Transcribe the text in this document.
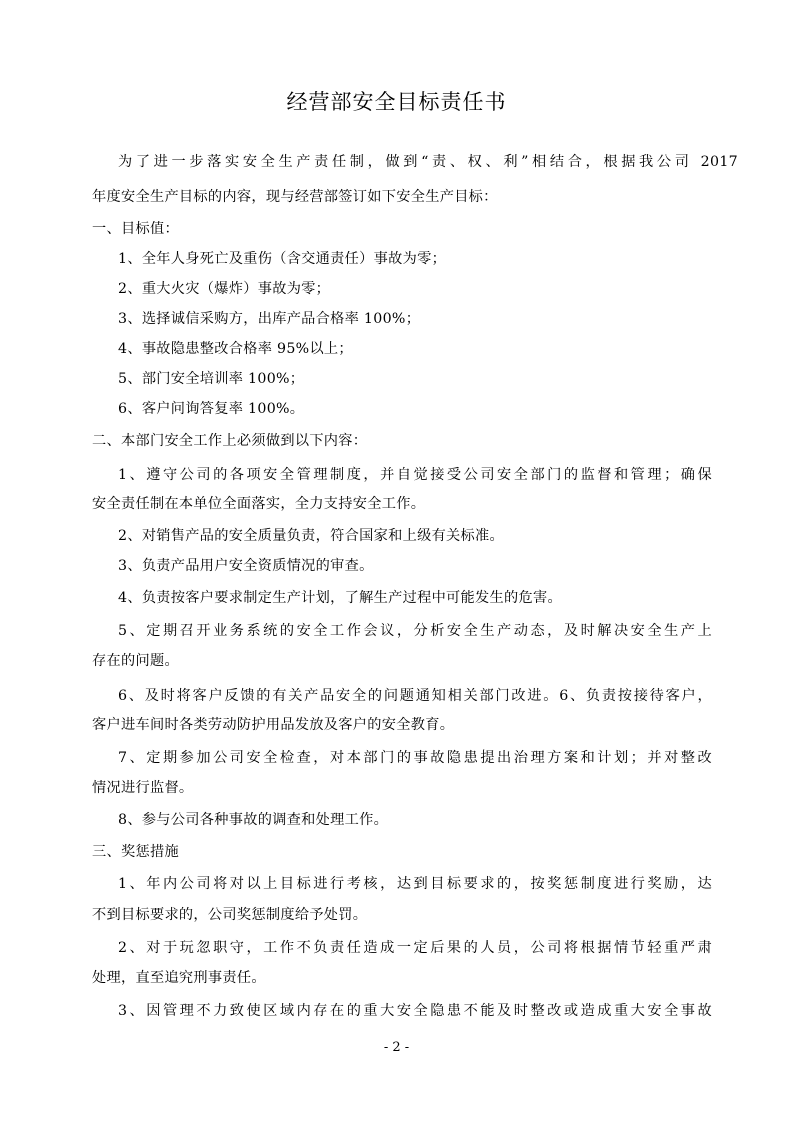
经营部安全目标责任书
为了进一步落实安全生产责任制，做到“责、权、利”相结合，根据我公司 2017
年度安全生产目标的内容，现与经营部签订如下安全生产目标：
一、目标值：
1、全年人身死亡及重伤（含交通责任）事故为零；
2、重大火灾（爆炸）事故为零；
3、选择诚信采购方，出库产品合格率 100%；
4、事故隐患整改合格率 95%以上；
5、部门安全培训率 100%；
6、客户问询答复率 100%。
二、本部门安全工作上必须做到以下内容：
1、遵守公司的各项安全管理制度，并自觉接受公司安全部门的监督和管理；确保
安全责任制在本单位全面落实，全力支持安全工作。
2、对销售产品的安全质量负责，符合国家和上级有关标准。
3、负责产品用户安全资质情况的审查。
4、负责按客户要求制定生产计划，了解生产过程中可能发生的危害。
5、定期召开业务系统的安全工作会议，分析安全生产动态，及时解决安全生产上
存在的问题。
6、及时将客户反馈的有关产品安全的问题通知相关部门改进。6、负责按接待客户，
客户进车间时各类劳动防护用品发放及客户的安全教育。
7、定期参加公司安全检查，对本部门的事故隐患提出治理方案和计划；并对整改
情况进行监督。
8、参与公司各种事故的调查和处理工作。
三、奖惩措施
1、年内公司将对以上目标进行考核，达到目标要求的，按奖惩制度进行奖励，达
不到目标要求的，公司奖惩制度给予处罚。
2、对于玩忽职守，工作不负责任造成一定后果的人员，公司将根据情节轻重严肃
处理，直至追究刑事责任。
3、因管理不力致使区域内存在的重大安全隐患不能及时整改或造成重大安全事故
- 2 -
